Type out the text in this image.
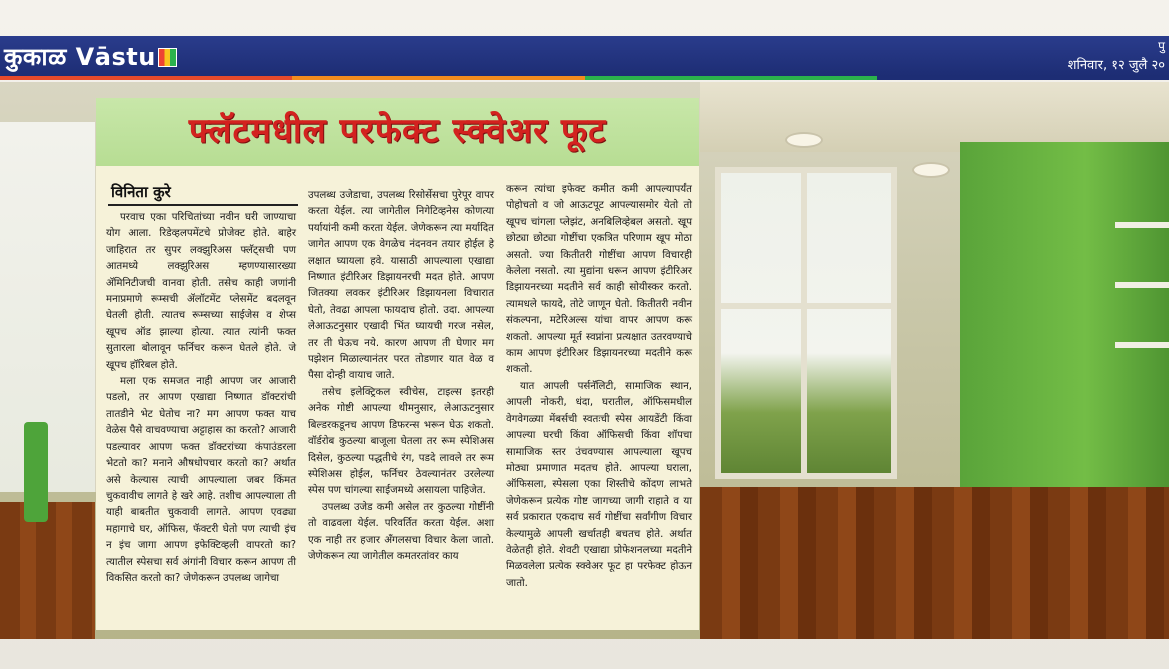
कुकाळ Vāstu	पु
शनिवार, १२ जुलै २०
फ्लॅटमधील परफेक्ट स्क्वेअर फूट
विनिता कुरे

परवाच एका परिचितांच्या नवीन घरी जाण्याचा योग आला. रिडेव्हलपमेंटचे प्रोजेक्ट होते. बाहेर जाहिरात तर सुपर लक्झुरिअस फ्लॅट्सची पण आतमध्ये लक्झुरिअस म्हणण्यासारख्या ॲमिनिटीजची वानवा होती. तसेच काही जणांनी मनाप्रमाणे रूम्सची ॲलॉटमेंट प्लेसमेंट बदलवून घेतली होती. त्यातच रूम्सच्या साईजेस व शेप्स खूपच ऑड झाल्या होत्या. त्यात त्यांनी फक्त सुतारला बोलावून फर्निचर करून घेतले होते. जे खूपच हॉरिबल होते.

मला एक समजत नाही आपण जर आजारी पडलो, तर आपण एखाद्या निष्णात डॉक्टरांची तातडीने भेट घेतोच ना? मग आपण फक्त याच वेळेस पैसे वाचवण्याचा अट्टाहास का करतो? आजारी पडल्यावर आपण फक्त डॉक्टरांच्या कंपाउंडरला भेटतो का? मनाने औषधोपचार करतो का? अर्थात असे केल्यास त्याची आपल्याला जबर किंमत चुकवावीच लागते हे खरे आहे. तशीच आपल्याला ती याही बाबतीत चुकवावी लागते. आपण एवढ्या महागाचे घर, ऑफिस, फॅक्टरी घेतो पण त्याची इंच न इंच जागा आपण इफेक्टिव्हली वापरतो का? त्यातील स्पेसचा सर्व अंगांनी विचार करून आपण ती विकसित करतो का? जेणेकरून उपलब्ध जागेचा

उपलब्ध उजेडाचा, उपलब्ध रिसोर्सेसचा पुरेपूर वापर करता येईल. त्या जागेतील निगेटिव्हनेस कोणत्या पर्यायांनी कमी करता येईल. जेणेकरून त्या मर्यादित जागेत आपण एक वेगळेच नंदनवन तयार होईल हे लक्षात घ्यायला हवे. यासाठी आपल्याला एखाद्या निष्णात इंटीरिअर डिझायनरची मदत होते. आपण जितक्या लवकर इंटीरिअर डिझायनला विचारात घेतो, तेवढा आपला फायदाच होतो. उदा. आपल्या लेआऊटनुसार एखादी भिंत घ्यायची गरज नसेल, तर ती घेऊच नये. कारण आपण ती घेणार मग पझेशन मिळाल्यानंतर परत तोडणार यात वेळ व पैसा दोन्ही वायाच जाते.

तसेच इलेक्ट्रिकल स्वीचेस, टाइल्स इतरही अनेक गोष्टी आपल्या थीमनुसार, लेआऊटनुसार बिल्डरकडूनच आपण डिफरन्स भरून घेऊ शकतो. वॉर्डरोब कुठल्या बाजूला घेतला तर रूम स्पेशिअस दिसेल, कुठल्या पद्धतीचे रंग, पडदे लावले तर रूम स्पेशिअस होईल, फर्निचर ठेवल्यानंतर उरलेल्या स्पेस पण चांगल्या साईजमध्ये असायला पाहिजेत.

उपलब्ध उजेड कमी असेल तर कुठल्या गोष्टींनी तो वाढवला येईल. परिवर्तित करता येईल. अशा एक नाही तर हजार ॲंगलसचा विचार केला जातो. जेणेकरून त्या जागेतील कमतरतांवर काय

करून त्यांचा इफेक्ट कमीत कमी आपल्यापर्यंत पोहोचतो व जो आऊटपूट आपल्यासमोर येतो तो खूपच चांगला प्लेझंट, अनबिलिव्हेबल असतो. खूप छोट्या छोट्या गोष्टींचा एकत्रित परिणाम खूप मोठा असतो. ज्या कितीतरी गोष्टींचा आपण विचारही केलेला नसतो. त्या मुद्यांना धरून आपण इंटीरिअर डिझायनरच्या मदतीने सर्व काही सोयीस्कर करतो. त्यामधले फायदे, तोटे जाणून घेतो. कितीतरी नवीन संकल्पना, मटेरिअल्स यांचा वापर आपण करू शकतो. आपल्या मूर्त स्वप्नांना प्रत्यक्षात उतरवण्याचे काम आपण इंटीरिअर डिझायनरच्या मदतीने करू शकतो.

यात आपली पर्सनॅलिटी, सामाजिक स्थान, आपली नोकरी, धंदा, घरातील, ऑफिसमधील वेगवेगळ्या मेंबर्सची स्वतःची स्पेस आयडेंटी किंवा आपल्या घरची किंवा ऑफिसची किंवा शॉपचा सामाजिक स्तर उंचवण्यास आपल्याला खूपच मोठ्या प्रमाणात मदतच होते. आपल्या घराला, ऑफिसला, स्पेसला एका शिस्तीचे कोंदण लाभते जेणेकरून प्रत्येक गोष्ट जागच्या जागी राहाते व या सर्व प्रकारात एकदाच सर्व गोष्टींचा सर्वांगीण विचार केल्यामुळे आपली खर्चातही बचतच होते. अर्थात वेळेतही होते. शेवटी एखाद्या प्रोफेशनलच्या मदतीने मिळवलेला प्रत्येक स्क्वेअर फूट हा परफेक्ट होऊन जातो.
